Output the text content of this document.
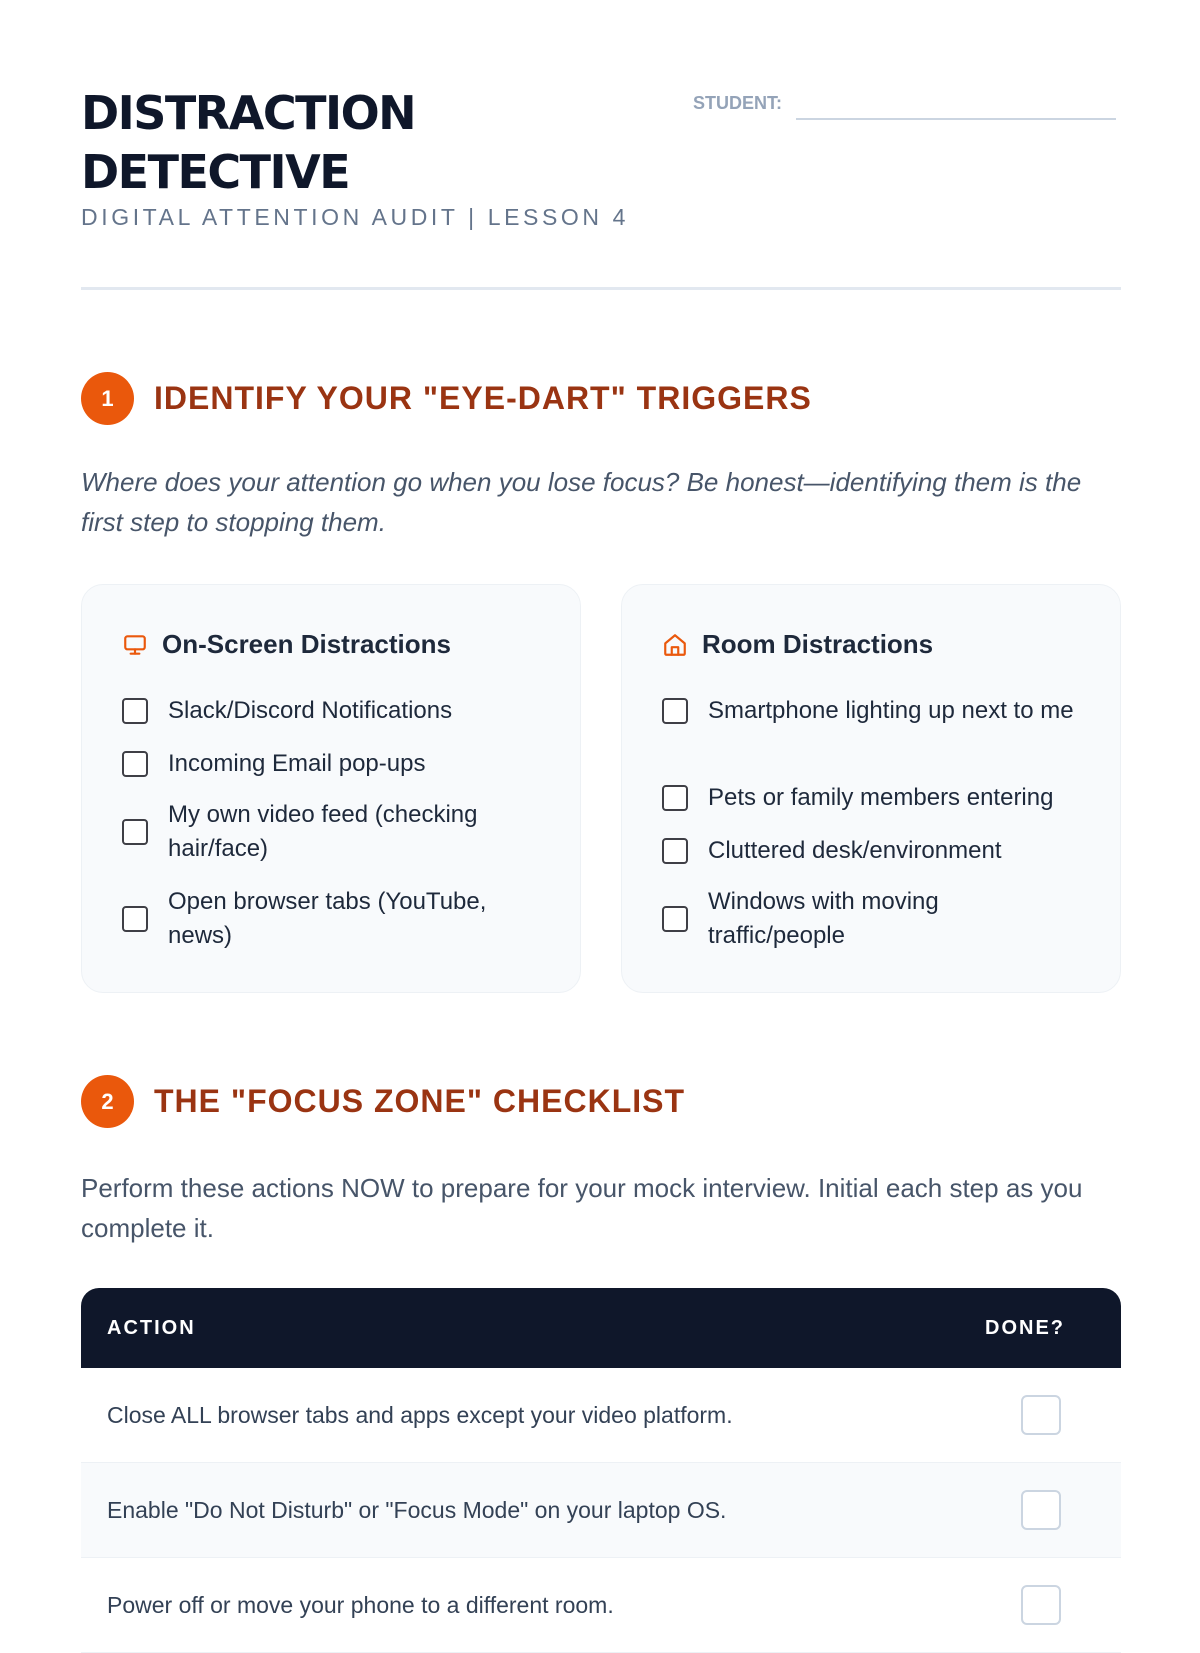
DISTRACTION DETECTIVE
DIGITAL ATTENTION AUDIT | LESSON 4
STUDENT:
1	IDENTIFY YOUR "EYE-DART" TRIGGERS
Where does your attention go when you lose focus? Be honest—identifying them is the first step to stopping them.
On-Screen Distractions
Slack/Discord Notifications
Incoming Email pop-ups
My own video feed (checking hair/face)
Open browser tabs (YouTube, news)
Room Distractions
Smartphone lighting up next to me
Pets or family members entering
Cluttered desk/environment
Windows with moving traffic/people
2	THE "FOCUS ZONE" CHECKLIST
Perform these actions NOW to prepare for your mock interview. Initial each step as you complete it.
ACTION	DONE?
Close ALL browser tabs and apps except your video platform.
Enable "Do Not Disturb" or "Focus Mode" on your laptop OS.
Power off or move your phone to a different room.
